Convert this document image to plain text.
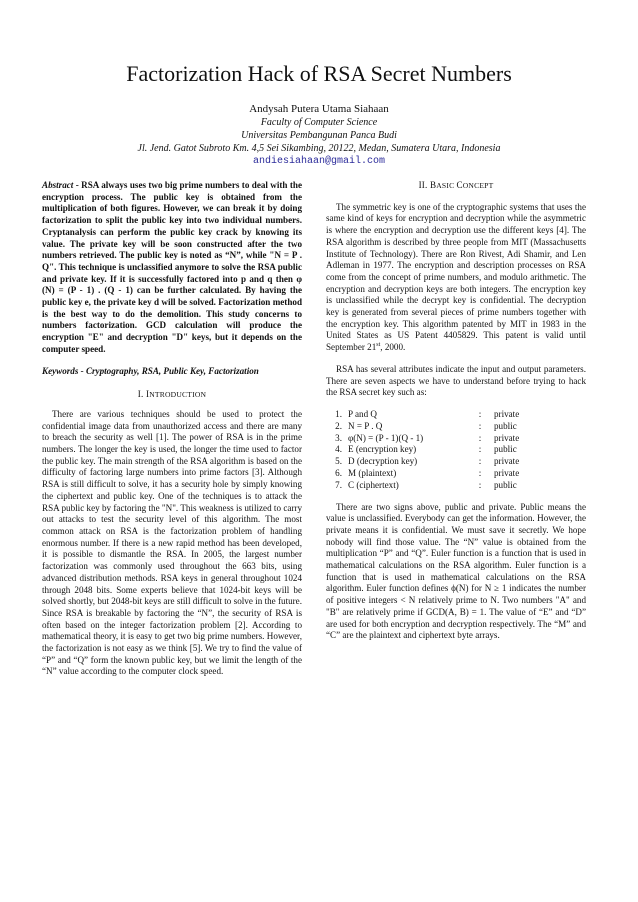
Factorization Hack of RSA Secret Numbers
Andysah Putera Utama Siahaan
Faculty of Computer Science
Universitas Pembangunan Panca Budi
Jl. Jend. Gatot Subroto Km. 4,5 Sei Sikambing, 20122, Medan, Sumatera Utara, Indonesia
andiesiahaan@gmail.com
Abstract - RSA always uses two big prime numbers to deal with the encryption process. The public key is obtained from the multiplication of both figures. However, we can break it by doing factorization to split the public key into two individual numbers. Cryptanalysis can perform the public key crack by knowing its value. The private key will be soon constructed after the two numbers retrieved. The public key is noted as “N”, while "N = P . Q". This technique is unclassified anymore to solve the RSA public and private key. If it is successfully factored into p and q then φ (N) = (P - 1) . (Q - 1) can be further calculated. By having the public key e, the private key d will be solved. Factorization method is the best way to do the demolition. This study concerns to numbers factorization. GCD calculation will produce the encryption "E" and decryption "D" keys, but it depends on the computer speed.
Keywords - Cryptography, RSA, Public Key, Factorization
I. INTRODUCTION
There are various techniques should be used to protect the confidential image data from unauthorized access and there are many to breach the security as well [1]. The power of RSA is in the prime numbers. The longer the key is used, the longer the time used to factor the public key. The main strength of the RSA algorithm is based on the difficulty of factoring large numbers into prime factors [3]. Although RSA is still difficult to solve, it has a security hole by simply knowing the ciphertext and public key. One of the techniques is to attack the RSA public key by factoring the "N". This weakness is utilized to carry out attacks to test the security level of this algorithm. The most common attack on RSA is the factorization problem of handling enormous number. If there is a new rapid method has been developed, it is possible to dismantle the RSA. In 2005, the largest number factorization was commonly used throughout the 663 bits, using advanced distribution methods. RSA keys in general throughout 1024 through 2048 bits. Some experts believe that 1024-bit keys will be solved shortly, but 2048-bit keys are still difficult to solve in the future. Since RSA is breakable by factoring the “N”, the security of RSA is often based on the integer factorization problem [2]. According to mathematical theory, it is easy to get two big prime numbers. However, the factorization is not easy as we think [5]. We try to find the value of “P” and “Q” form the known public key, but we limit the length of the “N” value according to the computer clock speed.
II. BASIC CONCEPT
The symmetric key is one of the cryptographic systems that uses the same kind of keys for encryption and decryption while the asymmetric is where the encryption and decryption use the different keys [4]. The RSA algorithm is described by three people from MIT (Massachusetts Institute of Technology). There are Ron Rivest, Adi Shamir, and Len Adleman in 1977. The encryption and description processes on RSA come from the concept of prime numbers, and modulo arithmetic. The encryption and decryption keys are both integers. The encryption key is unclassified while the decrypt key is confidential. The decryption key is generated from several pieces of prime numbers together with the encryption key. This algorithm patented by MIT in 1983 in the United States as US Patent 4405829. This patent is valid until September 21st, 2000.
RSA has several attributes indicate the input and output parameters. There are seven aspects we have to understand before trying to hack the RSA secret key such as:
1. P and Q	:	private
2. N = P . Q	:	public
3. φ(N) = (P - 1)(Q - 1)	:	private
4. E (encryption key)	:	public
5. D (decryption key)	:	private
6. M (plaintext)	:	private
7. C (ciphertext)	:	public
There are two signs above, public and private. Public means the value is unclassified. Everybody can get the information. However, the private means it is confidential. We must save it secretly. We hope nobody will find those value. The “N” value is obtained from the multiplication “P” and “Q”. Euler function is a function that is used in mathematical calculations on the RSA algorithm. Euler function is a function that is used in mathematical calculations on the RSA algorithm. Euler function defines ϕ(N) for N ≥ 1 indicates the number of positive integers < N relatively prime to N. Two numbers "A" and "B" are relatively prime if GCD(A, B) = 1. The value of “E” and “D” are used for both encryption and decryption respectively. The “M” and “C” are the plaintext and ciphertext byte arrays.
